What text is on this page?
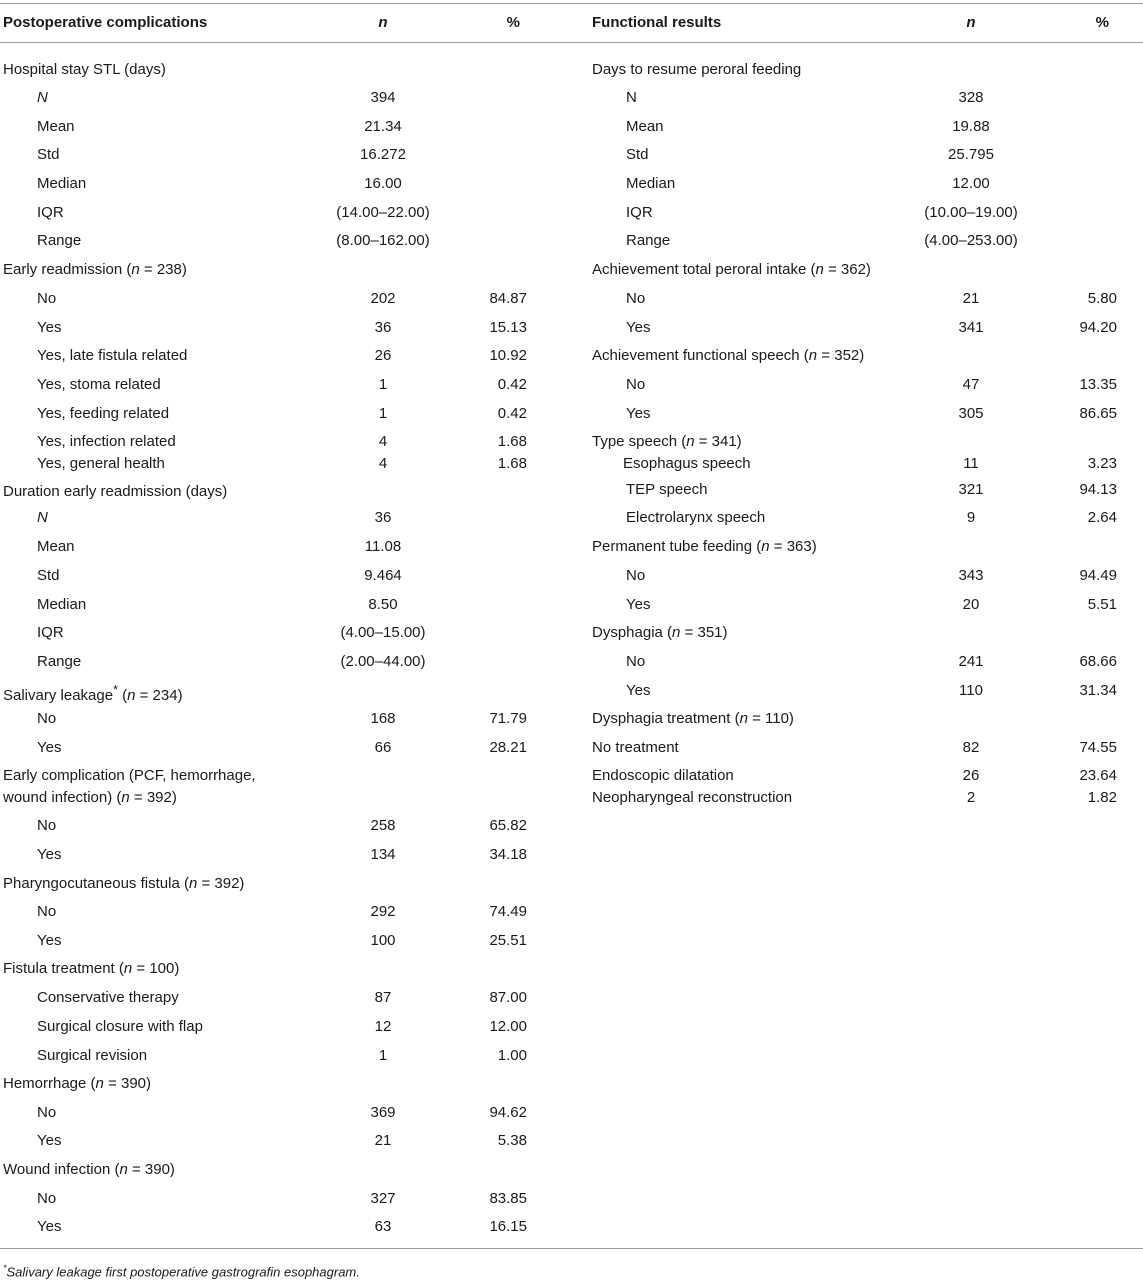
Postoperative complications	n	%	Functional results	n	%
Hospital stay STL (days)
N	394
Mean	21.34
Std	16.272
Median	16.00
IQR	(14.00–22.00)
Range	(8.00–162.00)
Early readmission (n = 238)
No	202	84.87
Yes	36	15.13
Yes, late fistula related	26	10.92
Yes, stoma related	1	0.42
Yes, feeding related	1	0.42
Yes, infection related	4	1.68
Yes, general health	4	1.68
Duration early readmission (days)
N	36
Mean	11.08
Std	9.464
Median	8.50
IQR	(4.00–15.00)
Range	(2.00–44.00)
Salivary leakage* (n = 234)
No	168	71.79
Yes	66	28.21
Early complication (PCF, hemorrhage,
wound infection) (n = 392)
No	258	65.82
Yes	134	34.18
Pharyngocutaneous fistula (n = 392)
No	292	74.49
Yes	100	25.51
Fistula treatment (n = 100)
Conservative therapy	87	87.00
Surgical closure with flap	12	12.00
Surgical revision	1	1.00
Hemorrhage (n = 390)
No	369	94.62
Yes	21	5.38
Wound infection (n = 390)
No	327	83.85
Yes	63	16.15
Days to resume peroral feeding
N	328
Mean	19.88
Std	25.795
Median	12.00
IQR	(10.00–19.00)
Range	(4.00–253.00)
Achievement total peroral intake (n = 362)
No	21	5.80
Yes	341	94.20
Achievement functional speech (n = 352)
No	47	13.35
Yes	305	86.65
Type speech (n = 341)
Esophagus speech	11	3.23
TEP speech	321	94.13
Electrolarynx speech	9	2.64
Permanent tube feeding (n = 363)
No	343	94.49
Yes	20	5.51
Dysphagia (n = 351)
No	241	68.66
Yes	110	31.34
Dysphagia treatment (n = 110)
No treatment	82	74.55
Endoscopic dilatation	26	23.64
Neopharyngeal reconstruction	2	1.82
*Salivary leakage first postoperative gastrografin esophagram.
